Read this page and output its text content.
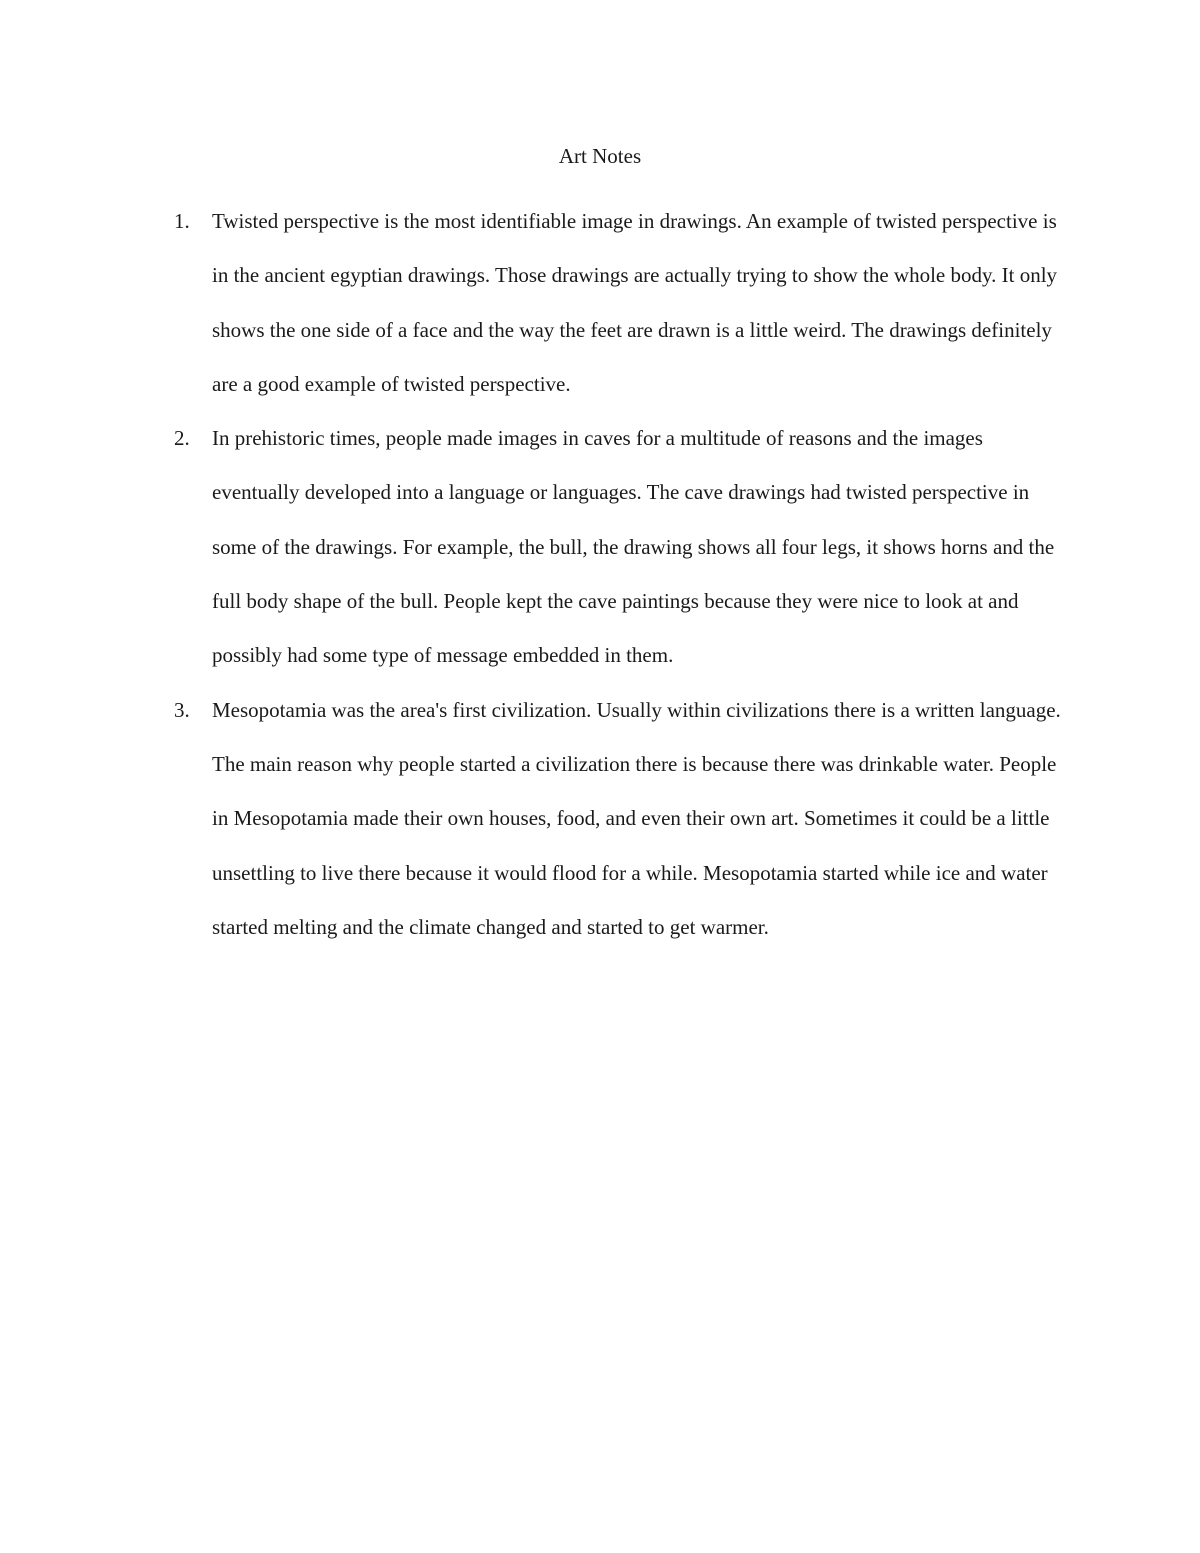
Art Notes
1. Twisted perspective is the most identifiable image in drawings. An example of twisted perspective is in the ancient egyptian drawings. Those drawings are actually trying to show the whole body. It only shows the one side of a face and the way the feet are drawn is a little weird. The drawings definitely are a good example of twisted perspective.
2. In prehistoric times, people made images in caves for a multitude of reasons and the images eventually developed into a language or languages. The cave drawings had twisted perspective in some of the drawings. For example, the bull, the drawing shows all four legs, it shows horns and the full body shape of the bull. People kept the cave paintings because they were nice to look at and possibly had some type of message embedded in them.
3. Mesopotamia was the area's first civilization. Usually within civilizations there is a written language. The main reason why people started a civilization there is because there was drinkable water. People in Mesopotamia made their own houses, food, and even their own art. Sometimes it could be a little unsettling to live there because it would flood for a while. Mesopotamia started while ice and water started melting and the climate changed and started to get warmer.
